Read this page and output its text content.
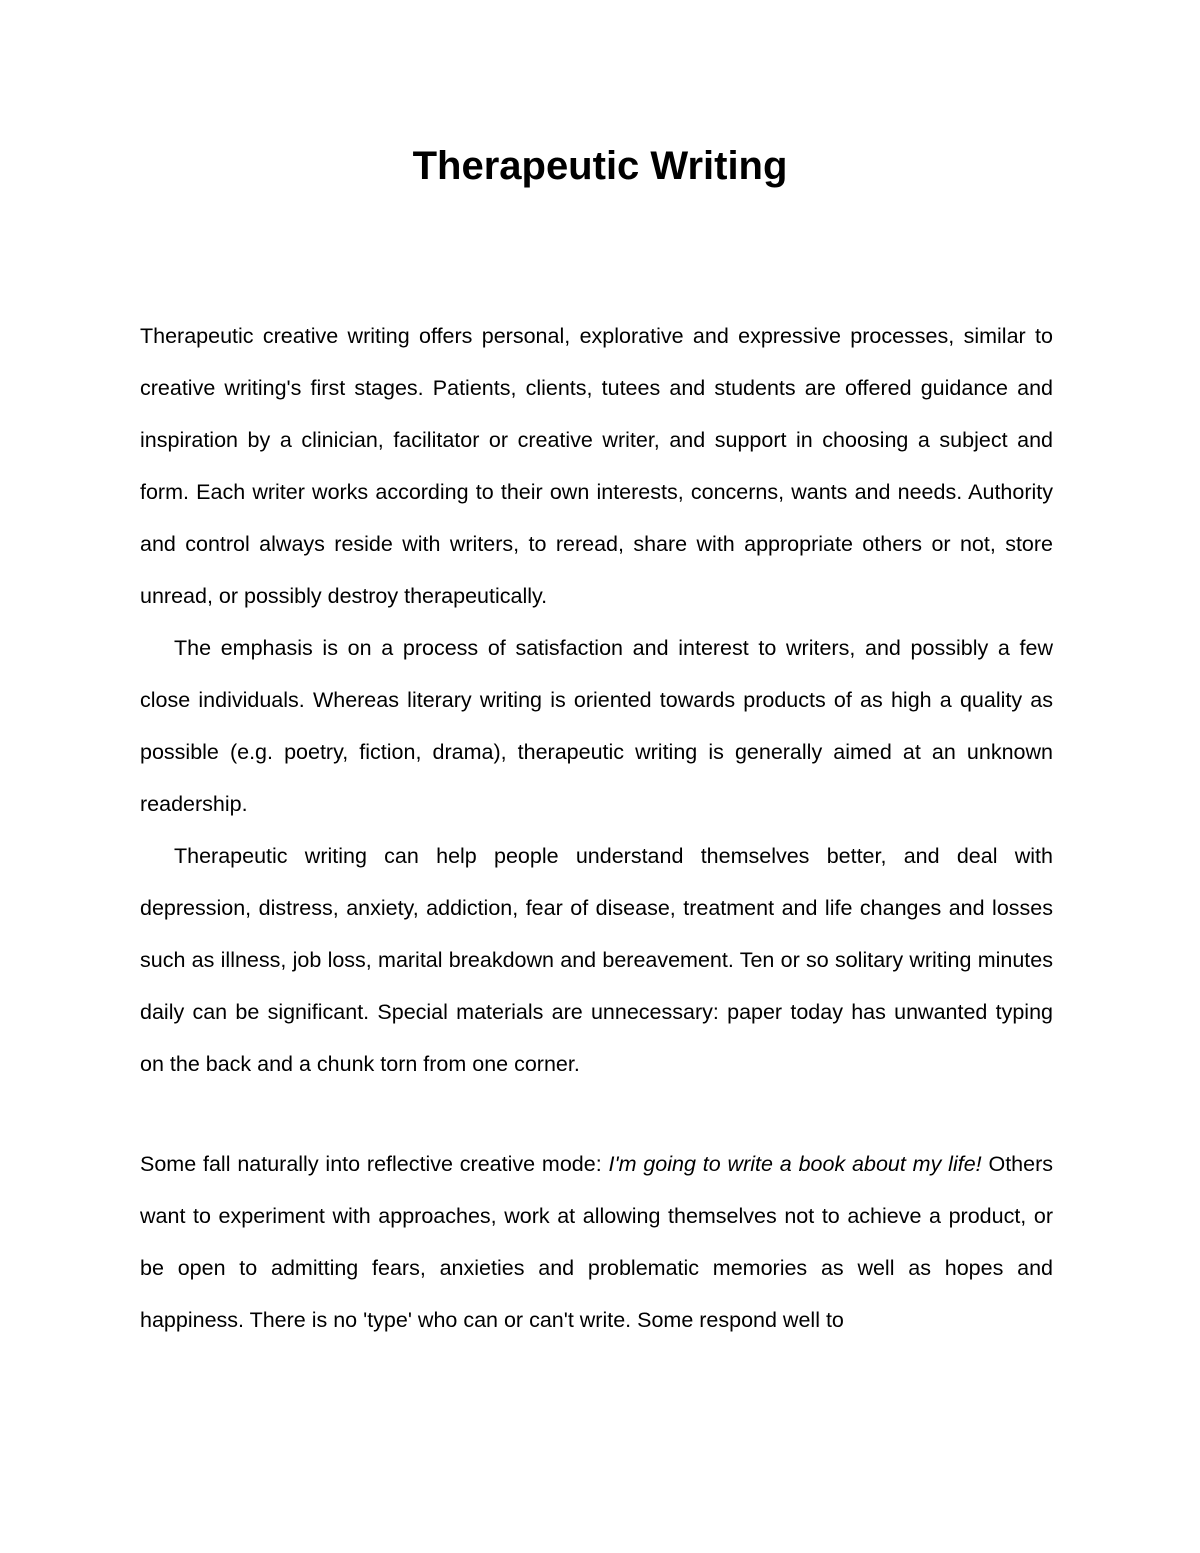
Therapeutic Writing

Therapeutic creative writing offers personal, explorative and expressive processes, similar to creative writing's first stages. Patients, clients, tutees and students are offered guidance and inspiration by a clinician, facilitator or creative writer, and support in choosing a subject and form. Each writer works according to their own interests, concerns, wants and needs. Authority and control always reside with writers, to reread, share with appropriate others or not, store unread, or possibly destroy therapeutically.

The emphasis is on a process of satisfaction and interest to writers, and possibly a few close individuals. Whereas literary writing is oriented towards products of as high a quality as possible (e.g. poetry, fiction, drama), therapeutic writing is generally aimed at an unknown readership.

Therapeutic writing can help people understand themselves better, and deal with depression, distress, anxiety, addiction, fear of disease, treatment and life changes and losses such as illness, job loss, marital breakdown and bereavement. Ten or so solitary writing minutes daily can be significant. Special materials are unnecessary: paper today has unwanted typing on the back and a chunk torn from one corner.

Some fall naturally into reflective creative mode: I'm going to write a book about my life! Others want to experiment with approaches, work at allowing themselves not to achieve a product, or be open to admitting fears, anxieties and problematic memories as well as hopes and happiness. There is no 'type' who can or can't write. Some respond well to
